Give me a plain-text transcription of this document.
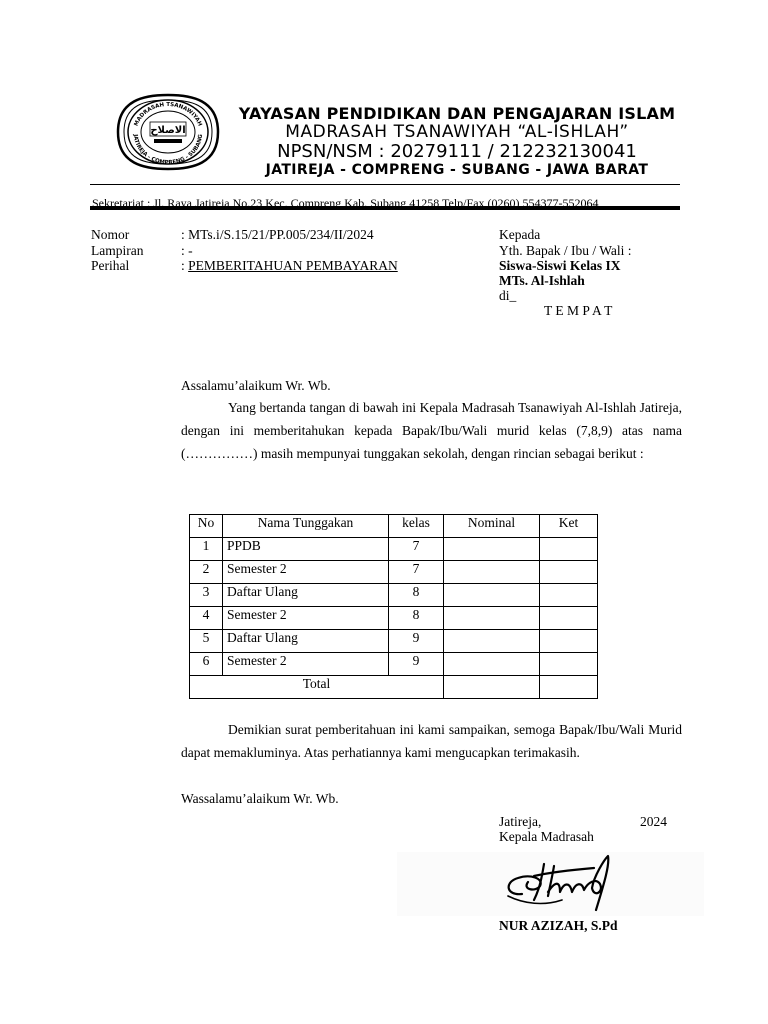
MADRASAH TSANAWIYAH
JATIREJA - COMPRENG - SUBANG
الاصلاح
YAYASAN PENDIDIKAN DAN PENGAJARAN ISLAM
MADRASAH TSANAWIYAH “AL-ISHLAH”
NPSN/NSM : 20279111 / 212232130041
JATIREJA - COMPRENG - SUBANG - JAWA BARAT
Sekretariat : Jl. Raya Jatireja No.23 Kec. Compreng Kab. Subang 41258 Telp/Fax (0260) 554377-552064
Nomor	: MTs.i/S.15/21/PP.005/234/II/2024
Lampiran	: -
Perihal	: PEMBERITAHUAN PEMBAYARAN
Kepada
Yth. Bapak / Ibu / Wali :
Siswa-Siswi Kelas IX
MTs. Al-Ishlah
di_
T E M P A T
Assalamu’alaikum Wr. Wb.
Yang bertanda tangan di bawah ini Kepala Madrasah Tsanawiyah Al-Ishlah Jatireja, dengan ini memberitahukan kepada Bapak/Ibu/Wali murid kelas (7,8,9) atas nama (……………) masih mempunyai tunggakan sekolah, dengan rincian sebagai berikut :
No	Nama Tunggakan	kelas	Nominal	Ket
1	PPDB	7		
2	Semester 2	7		
3	Daftar Ulang	8		
4	Semester 2	8		
5	Daftar Ulang	9		
6	Semester 2	9		
Total				
Demikian surat pemberitahuan ini kami sampaikan, semoga Bapak/Ibu/Wali Murid dapat memakluminya. Atas perhatiannya kami mengucapkan terimakasih.
Wassalamu’alaikum Wr. Wb.
Jatireja,	2024
Kepala Madrasah
NUR AZIZAH, S.Pd
